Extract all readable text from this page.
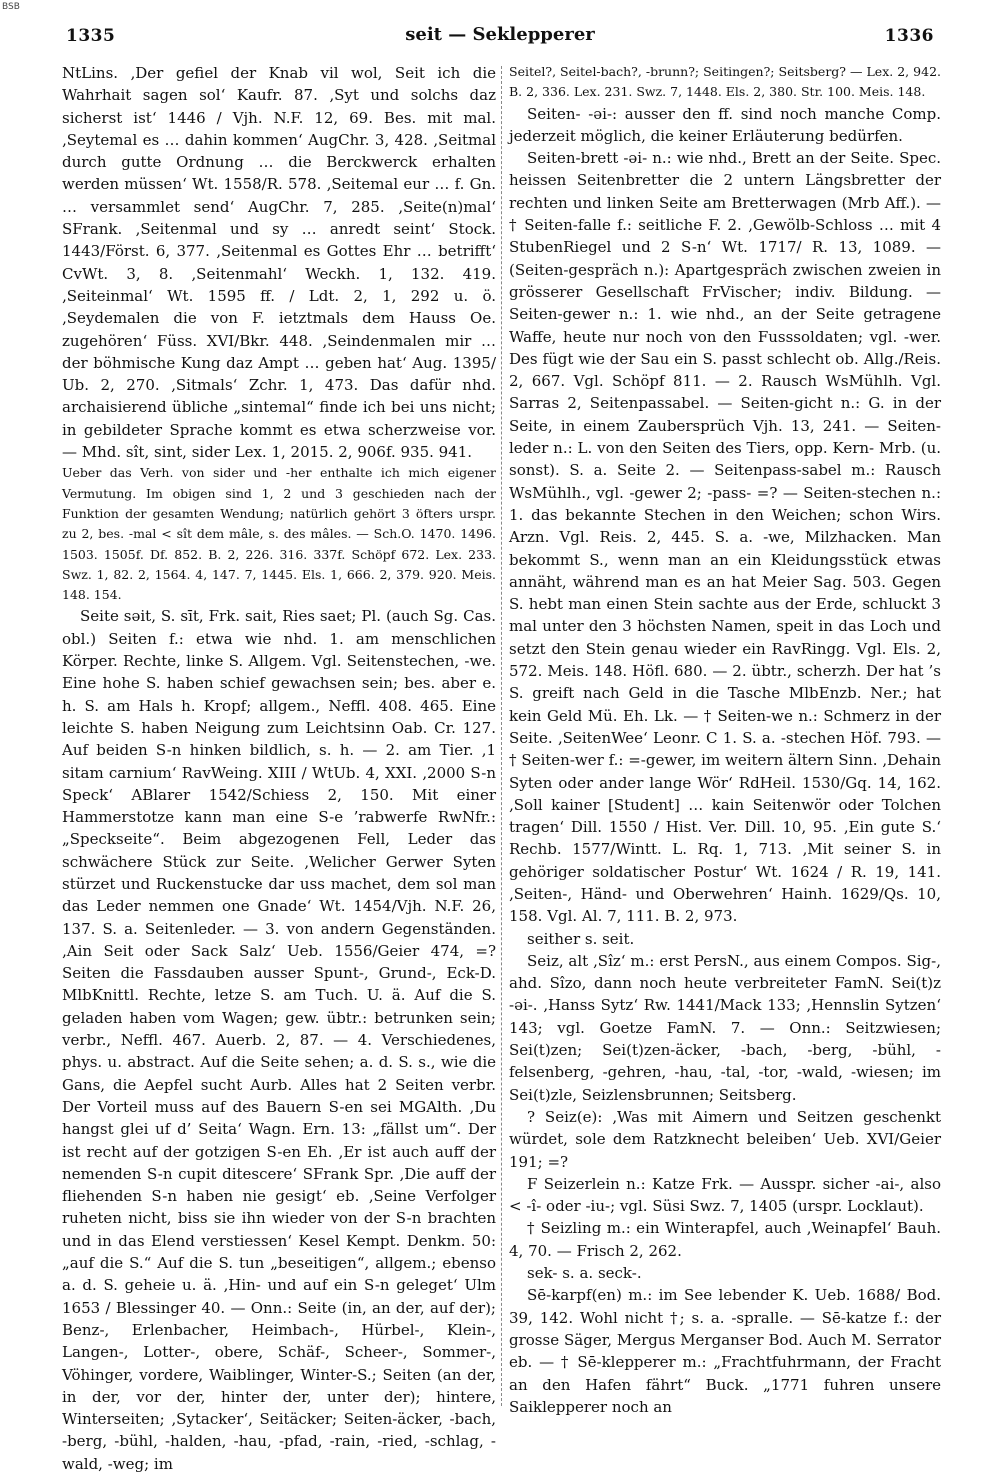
BSB
1335	seit — Seklepperer	1336

NtLins. ‚Der gefiel der Knab vil wol, Seit ich die Wahrhait sagen sol‘ Kaufr. 87. ‚Syt und solchs daz sicherst ist‘ 1446 / Vjh. N.F. 12, 69. Bes. mit mal. ‚Seytemal es … dahin kommen‘ AugChr. 3, 428. ‚Seitmal durch gutte Ordnung … die Berckwerck erhalten werden müssen‘ Wt. 1558/R. 578. ‚Seitemal eur … f. Gn. … versammlet send‘ AugChr. 7, 285. ‚Seite(n)mal‘ SFrank. ‚Seitenmal und sy … anredt seint‘ Stock. 1443/Först. 6, 377. ‚Seitenmal es Gottes Ehr … betrifft‘ CvWt. 3, 8. ‚Seitenmahl‘ Weckh. 1, 132. 419. ‚Seiteinmal‘ Wt. 1595 ff. / Ldt. 2, 1, 292 u. ö. ‚Seydemalen die von F. ietztmals dem Hauss Oe. zugehören‘ Füss. XVI/Bkr. 448. ‚Seindenmalen mir … der böhmische Kung daz Ampt … geben hat‘ Aug. 1395/ Ub. 2, 270. ‚Sitmals‘ Zchr. 1, 473. Das dafür nhd. archaisierend übliche „sintemal“ finde ich bei uns nicht; in gebildeter Sprache kommt es etwa scherzweise vor. — Mhd. sît, sint, sider Lex. 1, 2015. 2, 906f. 935. 941.

Ueber das Verh. von sider und -her enthalte ich mich eigener Vermutung. Im obigen sind 1, 2 und 3 geschieden nach der Funktion der gesamten Wendung; natürlich gehört 3 öfters urspr. zu 2, bes. -mal < sît dem mâle, s. des mâles. — Sch.O. 1470. 1496. 1503. 1505f. Df. 852. B. 2, 226. 316. 337f. Schöpf 672. Lex. 233. Swz. 1, 82. 2, 1564. 4, 147. 7, 1445. Els. 1, 666. 2, 379. 920. Meis. 148. 154.

Seite səit, S. sīt, Frk. sait, Ries saet; Pl. (auch Sg. Cas. obl.) Seiten f.: etwa wie nhd. 1. am menschlichen Körper. Rechte, linke S. Allgem. Vgl. Seitenstechen, -we. Eine hohe S. haben schief gewachsen sein; bes. aber e. h. S. am Hals h. Kropf; allgem., Neffl. 408. 465. Eine leichte S. haben Neigung zum Leichtsinn Oab. Cr. 127. Auf beiden S-n hinken bildlich, s. h. — 2. am Tier. ‚1 sitam carnium‘ RavWeing. XIII / WtUb. 4, XXI. ‚2000 S-n Speck‘ ABlarer 1542/Schiess 2, 150. Mit einer Hammerstotze kann man eine S-e ’rabwerfe RwNfr.: „Speckseite“. Beim abgezogenen Fell, Leder das schwächere Stück zur Seite. ‚Welicher Gerwer Syten stürzet und Ruckenstucke dar uss machet, dem sol man das Leder nemmen one Gnade‘ Wt. 1454/Vjh. N.F. 26, 137. S. a. Seitenleder. — 3. von andern Gegenständen. ‚Ain Seit oder Sack Salz‘ Ueb. 1556/Geier 474, =? Seiten die Fassdauben ausser Spunt-, Grund-, Eck-D. MlbKnittl. Rechte, letze S. am Tuch. U. ä. Auf die S. geladen haben vom Wagen; gew. übtr.: betrunken sein; verbr., Neffl. 467. Auerb. 2, 87. — 4. Verschiedenes, phys. u. abstract. Auf die Seite sehen; a. d. S. s., wie die Gans, die Aepfel sucht Aurb. Alles hat 2 Seiten verbr. Der Vorteil muss auf des Bauern S-en sei MGAlth. ‚Du hangst glei uf d’ Seita‘ Wagn. Ern. 13: „fällst um“. Der ist recht auf der gotzigen S-en Eh. ‚Er ist auch auff der nemenden S-n cupit ditescere‘ SFrank Spr. ‚Die auff der fliehenden S-n haben nie gesigt‘ eb. ‚Seine Verfolger ruheten nicht, biss sie ihn wieder von der S-n brachten und in das Elend verstiessen‘ Kesel Kempt. Denkm. 50: „auf die S.“ Auf die S. tun „beseitigen“, allgem.; ebenso a. d. S. geheie u. ä. ‚Hin- und auf ein S-n geleget‘ Ulm 1653 / Blessinger 40. — Onn.: Seite (in, an der, auf der); Benz-, Erlenbacher, Heimbach-, Hürbel-, Klein-, Langen-, Lotter-, obere, Schäf-, Scheer-, Sommer-, Vöhinger, vordere, Waiblinger, Winter-S.; Seiten (an der, in der, vor der, hinter der, unter der); hintere, Winterseiten; ‚Sytacker‘, Seitäcker; Seiten-äcker, -bach, -berg, -bühl, -halden, -hau, -pfad, -rain, -ried, -schlag, -wald, -weg; im

Seitel?, Seitel-bach?, -brunn?; Seitingen?; Seitsberg? — Lex. 2, 942. B. 2, 336. Lex. 231. Swz. 7, 1448. Els. 2, 380. Str. 100. Meis. 148.

Seiten- -əi-: ausser den ff. sind noch manche Comp. jederzeit möglich, die keiner Erläuterung bedürfen.

Seiten-brett -əi- n.: wie nhd., Brett an der Seite. Spec. heissen Seitenbretter die 2 untern Längsbretter der rechten und linken Seite am Bretterwagen (Mrb Aff.). — † Seiten-falle f.: seitliche F. 2. ‚Gewölb-Schloss … mit 4 StubenRiegel und 2 S-n‘ Wt. 1717/ R. 13, 1089. — (Seiten-gespräch n.): Apartgespräch zwischen zweien in grösserer Gesellschaft FrVischer; indiv. Bildung. — Seiten-gewer n.: 1. wie nhd., an der Seite getragene Waffe, heute nur noch von den Fusssoldaten; vgl. -wer. Des fügt wie der Sau ein S. passt schlecht ob. Allg./Reis. 2, 667. Vgl. Schöpf 811. — 2. Rausch WsMühlh. Vgl. Sarras 2, Seitenpassabel. — Seiten-gicht n.: G. in der Seite, in einem Zaubersprüch Vjh. 13, 241. — Seiten-leder n.: L. von den Seiten des Tiers, opp. Kern- Mrb. (u. sonst). S. a. Seite 2. — Seitenpass-sabel m.: Rausch WsMühlh., vgl. -gewer 2; -pass- =? — Seiten-stechen n.: 1. das bekannte Stechen in den Weichen; schon Wirs. Arzn. Vgl. Reis. 2, 445. S. a. -we, Milzhacken. Man bekommt S., wenn man an ein Kleidungsstück etwas annäht, während man es an hat Meier Sag. 503. Gegen S. hebt man einen Stein sachte aus der Erde, schluckt 3 mal unter den 3 höchsten Namen, speit in das Loch und setzt den Stein genau wieder ein RavRingg. Vgl. Els. 2, 572. Meis. 148. Höfl. 680. — 2. übtr., scherzh. Der hat ’s S. greift nach Geld in die Tasche MlbEnzb. Ner.; hat kein Geld Mü. Eh. Lk. — † Seiten-we n.: Schmerz in der Seite. ‚SeitenWee‘ Leonr. C 1. S. a. -stechen Höf. 793. — † Seiten-wer f.: =-gewer, im weitern ältern Sinn. ‚Dehain Syten oder ander lange Wör‘ RdHeil. 1530/Gq. 14, 162. ‚Soll kainer [Student] … kain Seitenwör oder Tolchen tragen‘ Dill. 1550 / Hist. Ver. Dill. 10, 95. ‚Ein gute S.‘ Rechb. 1577/Wintt. L. Rq. 1, 713. ‚Mit seiner S. in gehöriger soldatischer Postur‘ Wt. 1624 / R. 19, 141. ‚Seiten-, Händ- und Oberwehren‘ Hainh. 1629/Qs. 10, 158. Vgl. Al. 7, 111. B. 2, 973.

seither s. seit.

Seiz, alt ‚Sîz‘ m.: erst PersN., aus einem Compos. Sig-, ahd. Sîzo, dann noch heute verbreiteter FamN. Sei(t)z -əi-. ‚Hanss Sytz‘ Rw. 1441/Mack 133; ‚Hennslin Sytzen‘ 143; vgl. Goetze FamN. 7. — Onn.: Seitzwiesen; Sei(t)zen; Sei(t)zen-äcker, -bach, -berg, -bühl, -felsenberg, -gehren, -hau, -tal, -tor, -wald, -wiesen; im Sei(t)zle, Seizlensbrunnen; Seitsberg.

? Seiz(e): ‚Was mit Aimern und Seitzen geschenkt würdet, sole dem Ratzknecht beleiben‘ Ueb. XVI/Geier 191; =?

F Seizerlein n.: Katze Frk. — Ausspr. sicher -ai-, also < -î- oder -iu-; vgl. Süsi Swz. 7, 1405 (urspr. Locklaut).

† Seizling m.: ein Winterapfel, auch ‚Weinapfel‘ Bauh. 4, 70. — Frisch 2, 262.

sek- s. a. seck-.

Sē-karpf(en) m.: im See lebender K. Ueb. 1688/ Bod. 39, 142. Wohl nicht †; s. a. -spralle. — Sē-katze f.: der grosse Säger, Mergus Merganser Bod. Auch M. Serrator eb. — † Sē-klepperer m.: „Frachtfuhrmann, der Fracht an den Hafen fährt“ Buck. „1771 fuhren unsere Saiklepperer noch an
